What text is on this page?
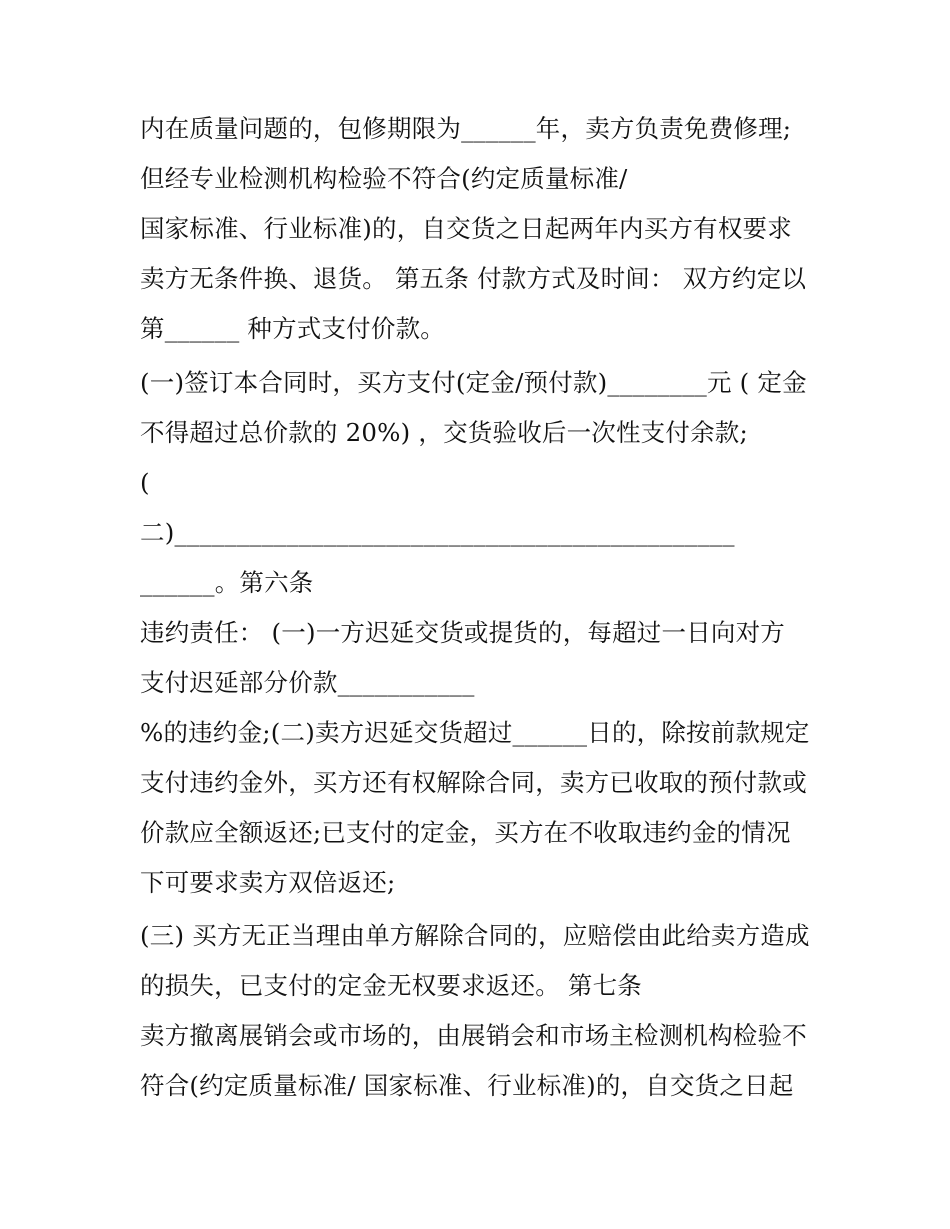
内在质量问题的，包修期限为______年，卖方负责免费修理;

但经专业检测机构检验不符合(约定质量标准/

国家标准、行业标准)的，自交货之日起两年内买方有权要求

卖方无条件换、退货。 第五条 付款方式及时间： 双方约定以

第______ 种方式支付价款。

(一)签订本合同时，买方支付(定金/预付款)________元 ( 定金

不得超过总价款的 20%) ，交货验收后一次性支付余款;

(

二)_____________________________________________

______。第六条

违约责任： (一)一方迟延交货或提货的，每超过一日向对方

支付迟延部分价款___________

%的违约金;(二)卖方迟延交货超过______日的，除按前款规定

支付违约金外，买方还有权解除合同，卖方已收取的预付款或

价款应全额返还;已支付的定金，买方在不收取违约金的情况

下可要求卖方双倍返还;

(三) 买方无正当理由单方解除合同的，应赔偿由此给卖方造成

的损失，已支付的定金无权要求返还。 第七条

卖方撤离展销会或市场的，由展销会和市场主检测机构检验不

符合(约定质量标准/ 国家标准、行业标准)的，自交货之日起
